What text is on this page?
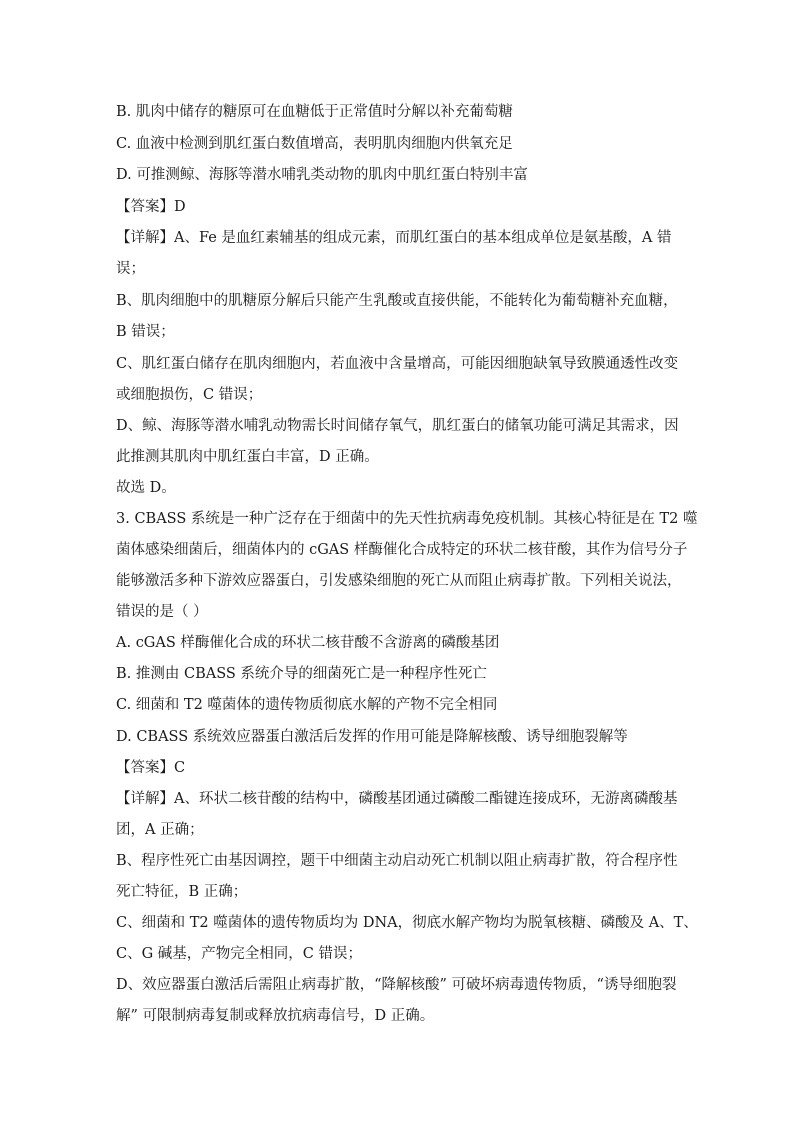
B. 肌肉中储存的糖原可在血糖低于正常值时分解以补充葡萄糖
C. 血液中检测到肌红蛋白数值增高，表明肌肉细胞内供氧充足
D. 可推测鲸、海豚等潜水哺乳类动物的肌肉中肌红蛋白特别丰富
【答案】D
【详解】A、Fe 是血红素辅基的组成元素，而肌红蛋白的基本组成单位是氨基酸，A 错
误；
B、肌肉细胞中的肌糖原分解后只能产生乳酸或直接供能，不能转化为葡萄糖补充血糖，
B 错误；
C、肌红蛋白储存在肌肉细胞内，若血液中含量增高，可能因细胞缺氧导致膜通透性改变
或细胞损伤，C 错误；
D、鲸、海豚等潜水哺乳动物需长时间储存氧气，肌红蛋白的储氧功能可满足其需求，因
此推测其肌肉中肌红蛋白丰富，D 正确。
故选 D。
3. CBASS 系统是一种广泛存在于细菌中的先天性抗病毒免疫机制。其核心特征是在 T2 噬
菌体感染细菌后，细菌体内的 cGAS 样酶催化合成特定的环状二核苷酸，其作为信号分子
能够激活多种下游效应器蛋白，引发感染细胞的死亡从而阻止病毒扩散。下列相关说法，
错误的是（ ）
A. cGAS 样酶催化合成的环状二核苷酸不含游离的磷酸基团
B. 推测由 CBASS 系统介导的细菌死亡是一种程序性死亡
C. 细菌和 T2 噬菌体的遗传物质彻底水解的产物不完全相同
D. CBASS 系统效应器蛋白激活后发挥的作用可能是降解核酸、诱导细胞裂解等
【答案】C
【详解】A、环状二核苷酸的结构中，磷酸基团通过磷酸二酯键连接成环，无游离磷酸基
团，A 正确；
B、程序性死亡由基因调控，题干中细菌主动启动死亡机制以阻止病毒扩散，符合程序性
死亡特征，B 正确；
C、细菌和 T2 噬菌体的遗传物质均为 DNA，彻底水解产物均为脱氧核糖、磷酸及 A、T、
C、G 碱基，产物完全相同，C 错误；
D、效应器蛋白激活后需阻止病毒扩散，“降解核酸” 可破坏病毒遗传物质，“诱导细胞裂
解” 可限制病毒复制或释放抗病毒信号，D 正确。
